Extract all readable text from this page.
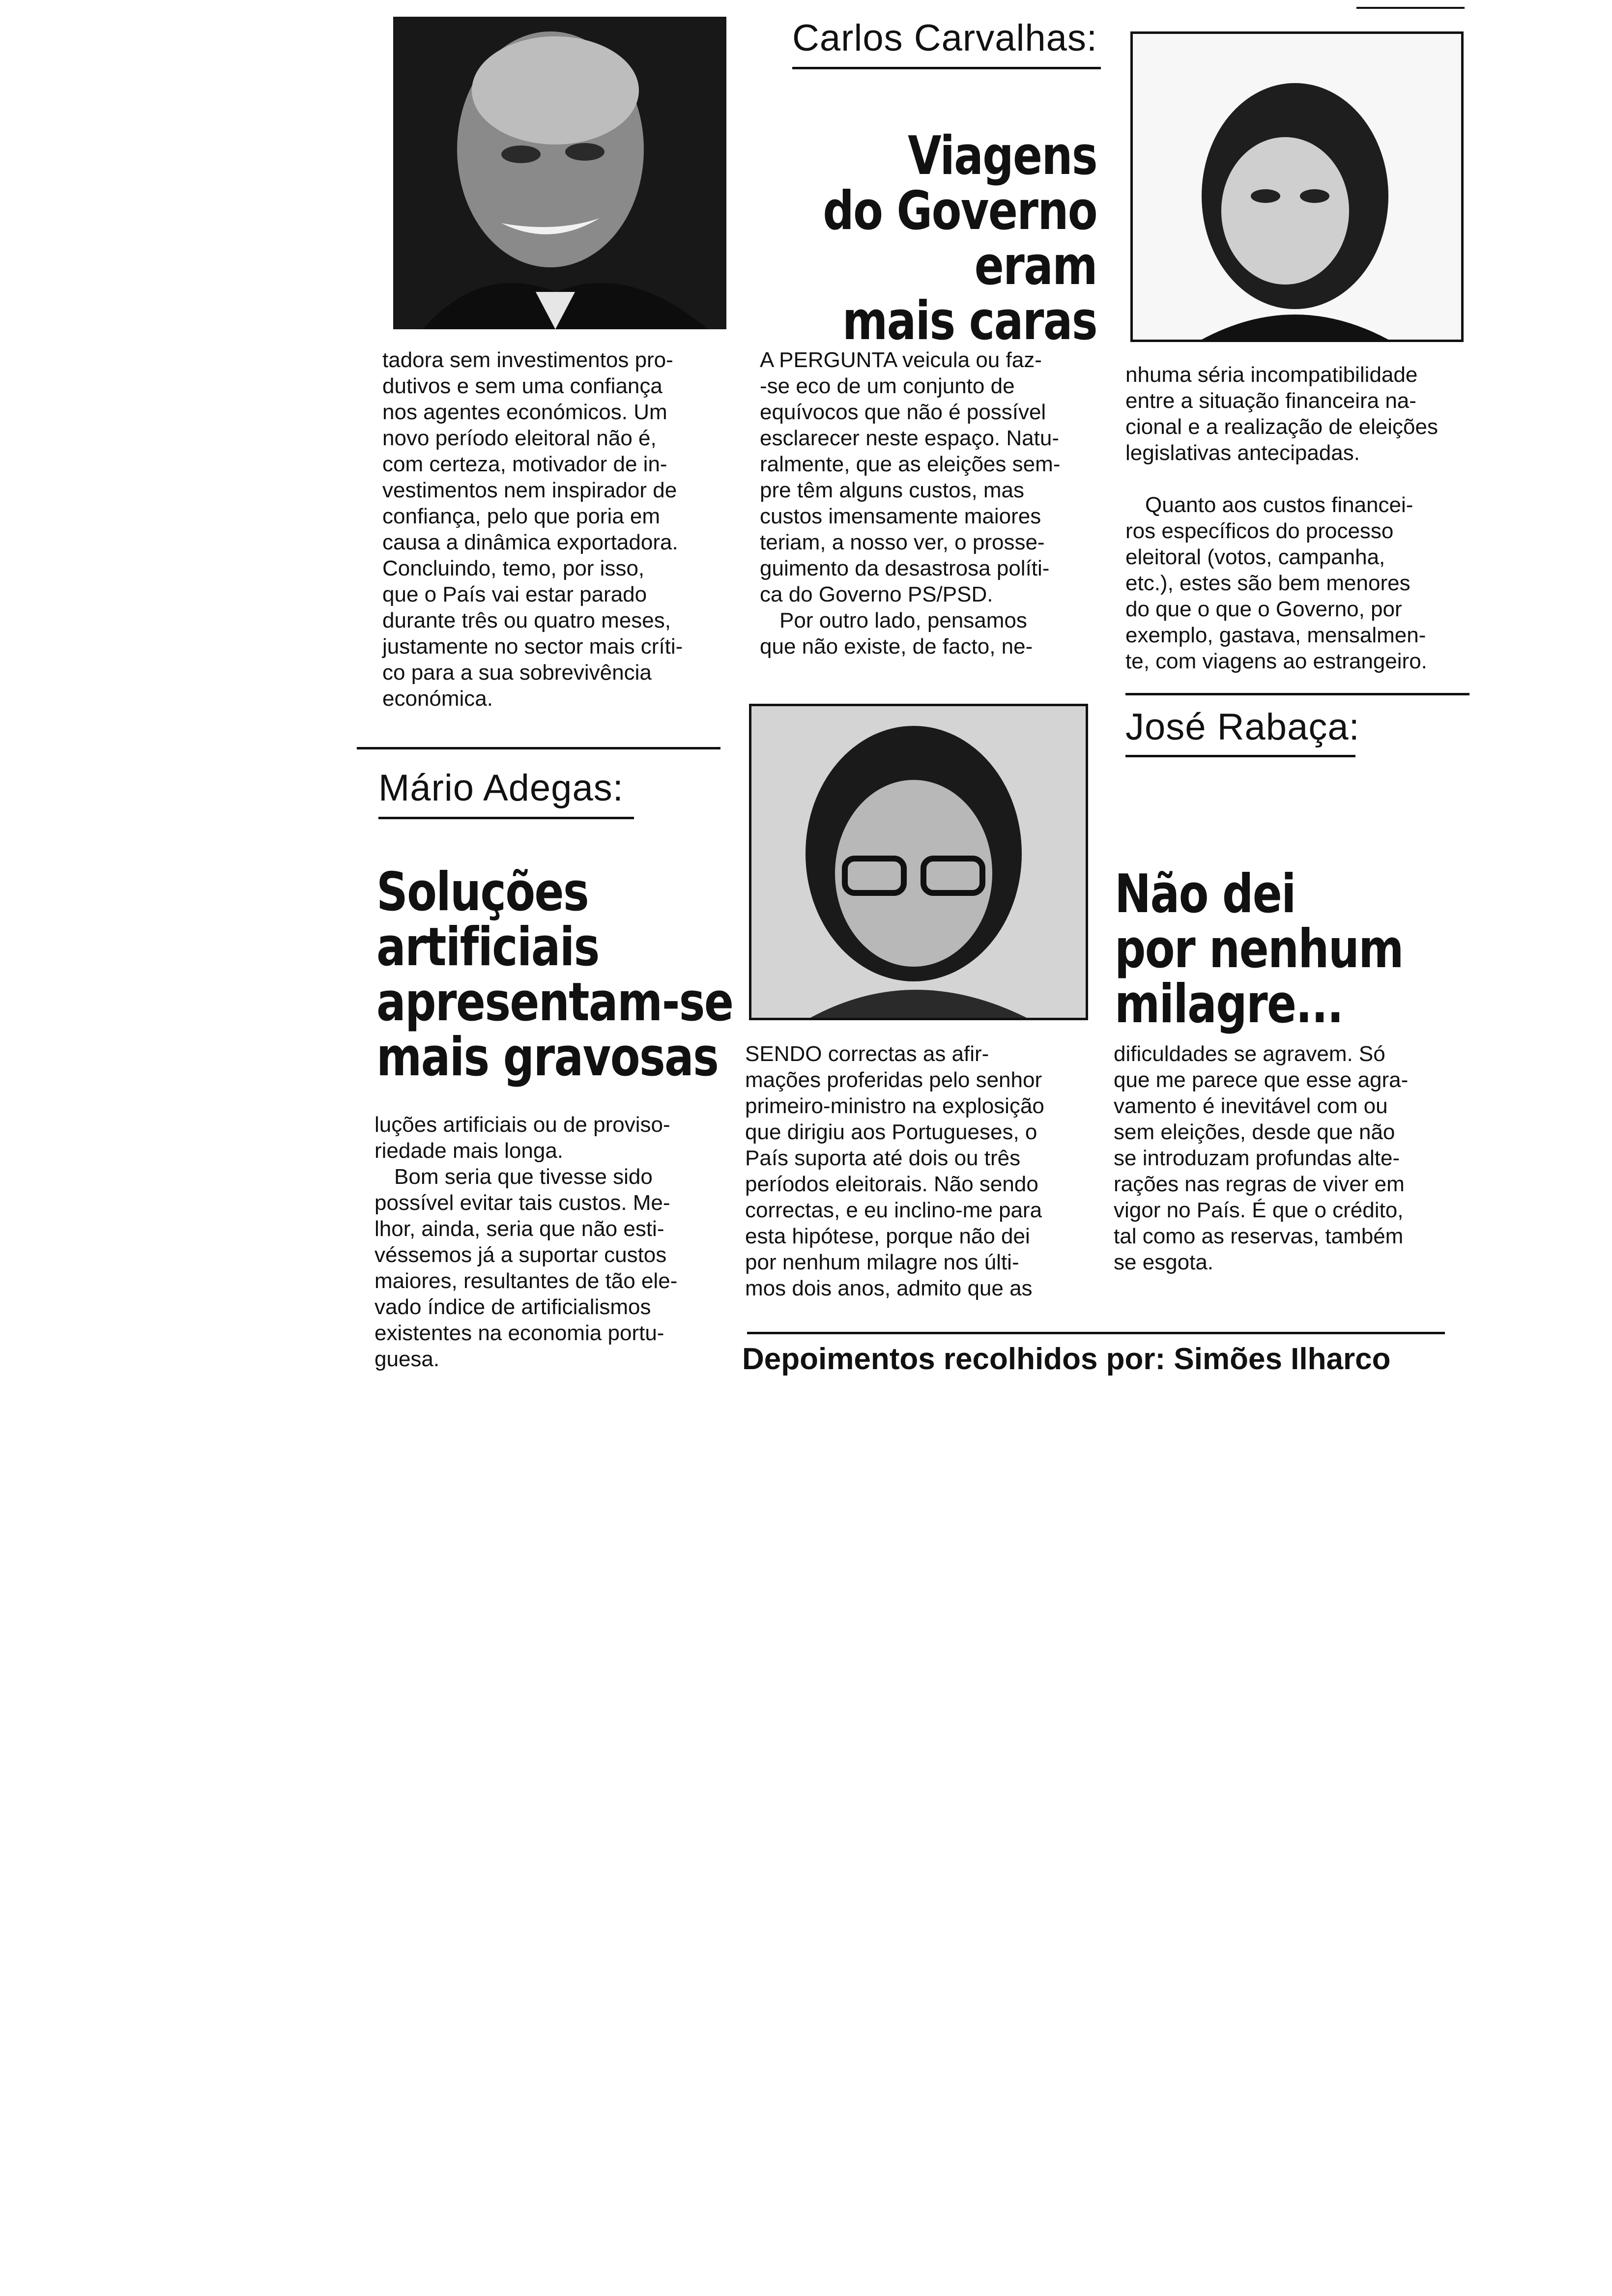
Carlos Carvalhas:
Viagens
do Governo
eram
mais caras
A PERGUNTA veicula ou faz-
-se eco de um conjunto de
equívocos que não é possível
esclarecer neste espaço. Natu-
ralmente, que as eleições sem-
pre têm alguns custos, mas
custos imensamente maiores
teriam, a nosso ver, o prosse-
guimento da desastrosa políti-
ca do Governo PS/PSD.
Por outro lado, pensamos
que não existe, de facto, ne-
nhuma séria incompatibilidade
entre a situação financeira na-
cional e a realização de eleições
legislativas antecipadas.
Quanto aos custos financei-
ros específicos do processo
eleitoral (votos, campanha,
etc.), estes são bem menores
do que o que o Governo, por
exemplo, gastava, mensalmen-
te, com viagens ao estrangeiro.
tadora sem investimentos pro-
dutivos e sem uma confiança
nos agentes económicos. Um
novo período eleitoral não é,
com certeza, motivador de in-
vestimentos nem inspirador de
confiança, pelo que poria em
causa a dinâmica exportadora.
Concluindo, temo, por isso,
que o País vai estar parado
durante três ou quatro meses,
justamente no sector mais críti-
co para a sua sobrevivência
económica.
Mário Adegas:
Soluções
artificiais
apresentam-se
mais gravosas
luções artificiais ou de proviso-
riedade mais longa.
Bom seria que tivesse sido
possível evitar tais custos. Me-
lhor, ainda, seria que não esti-
véssemos já a suportar custos
maiores, resultantes de tão ele-
vado índice de artificialismos
existentes na economia portu-
guesa.
SENDO correctas as afir-
mações proferidas pelo senhor
primeiro-ministro na explosição
que dirigiu aos Portugueses, o
País suporta até dois ou três
períodos eleitorais. Não sendo
correctas, e eu inclino-me para
esta hipótese, porque não dei
por nenhum milagre nos últi-
mos dois anos, admito que as
José Rabaça:
Não dei
por nenhum
milagre...
dificuldades se agravem. Só
que me parece que esse agra-
vamento é inevitável com ou
sem eleições, desde que não
se introduzam profundas alte-
rações nas regras de viver em
vigor no País. É que o crédito,
tal como as reservas, também
se esgota.
Depoimentos recolhidos por: Simões Ilharco
